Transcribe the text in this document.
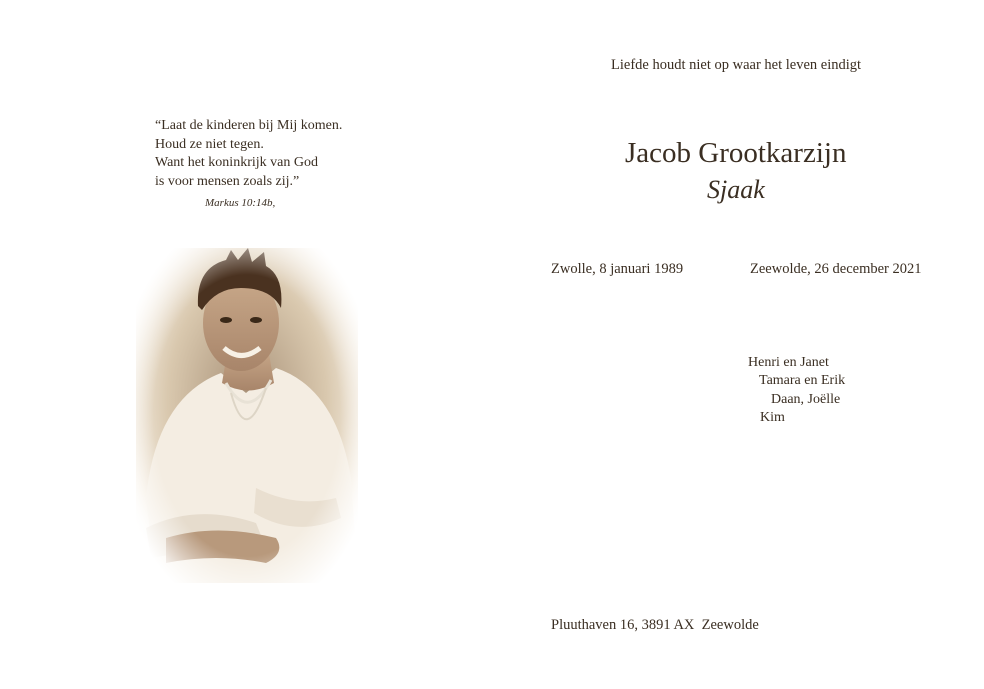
“Laat de kinderen bij Mij komen.
Houd ze niet tegen.
Want het koninkrijk van God
is voor mensen zoals zij.”
Markus 10:14b,
Liefde houdt niet op waar het leven eindigt
Jacob Grootkarzijn
Sjaak
Zwolle, 8 januari 1989	Zeewolde, 26 december 2021
Henri en Janet
Tamara en Erik
Daan, Joëlle
Kim
Pluuthaven 16, 3891 AX  Zeewolde
